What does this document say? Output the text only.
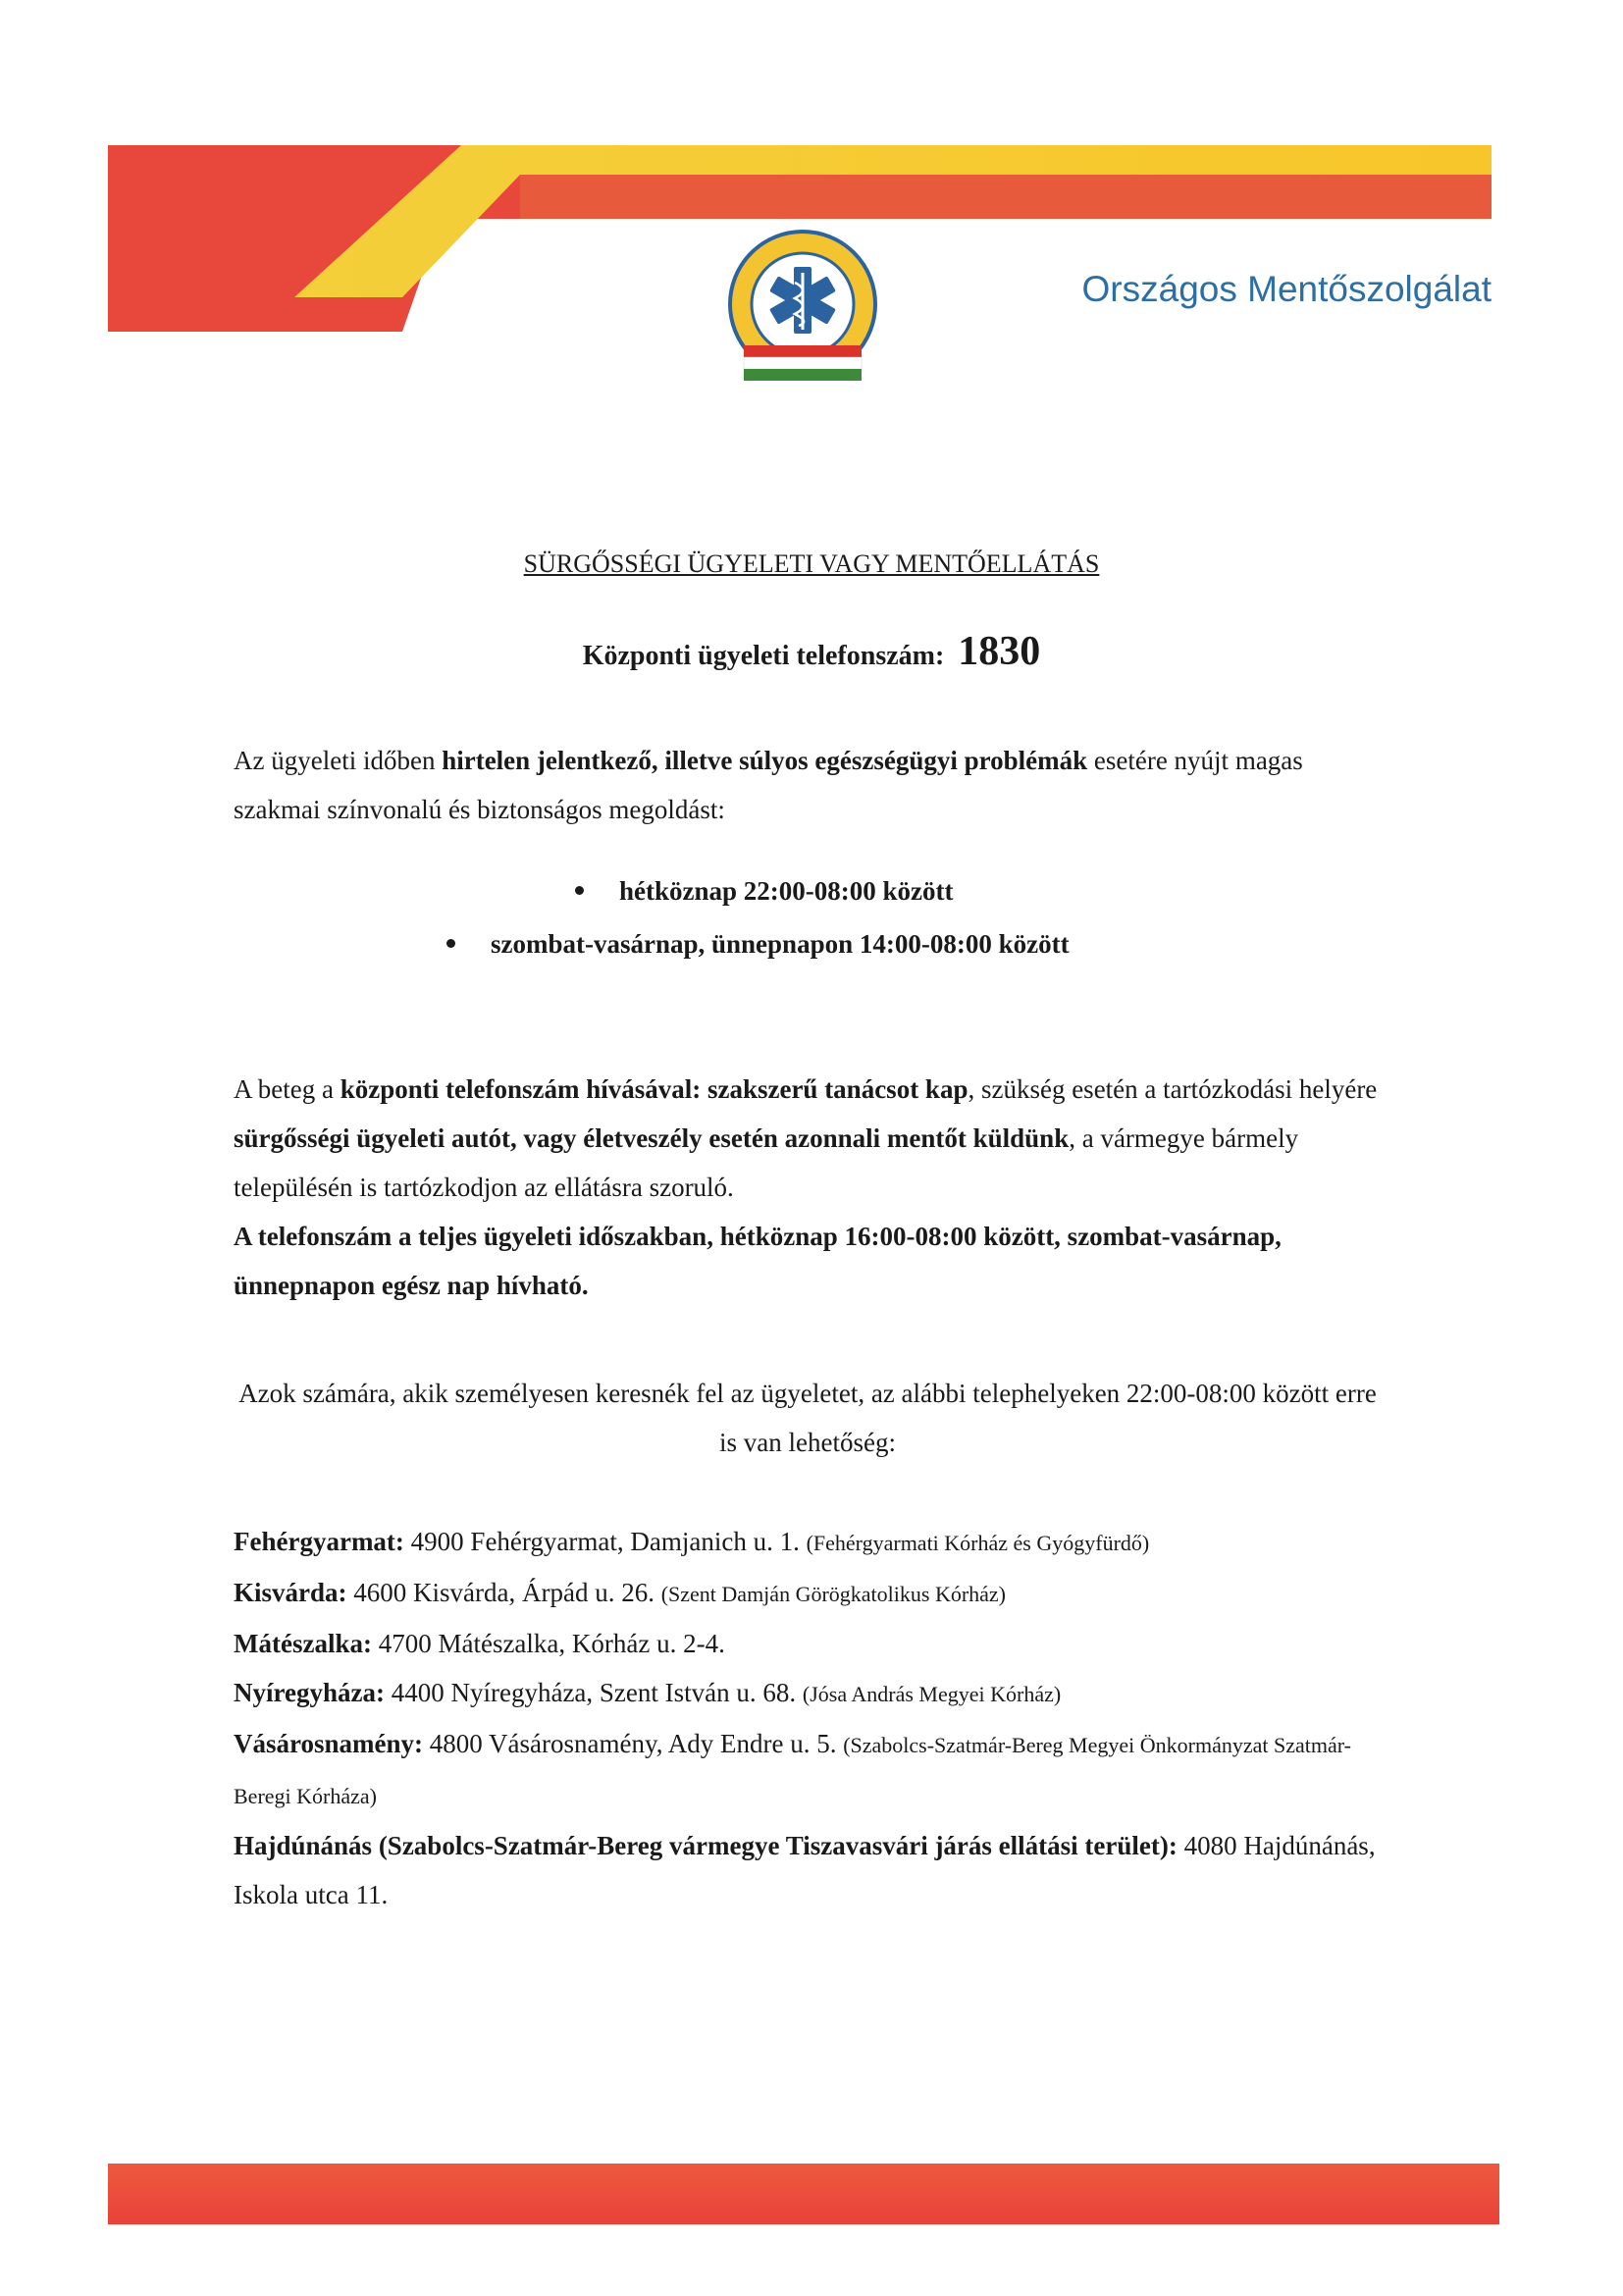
Országos Mentőszolgálat
SÜRGŐSSÉGI ÜGYELETI VAGY MENTŐELLÁTÁS
Központi ügyeleti telefonszám: 1830
Az ügyeleti időben hirtelen jelentkező, illetve súlyos egészségügyi problémák esetére nyújt magas szakmai színvonalú és biztonságos megoldást:
hétköznap 22:00-08:00 között
szombat-vasárnap, ünnepnapon 14:00-08:00 között
A beteg a központi telefonszám hívásával: szakszerű tanácsot kap, szükség esetén a tartózkodási helyére sürgősségi ügyeleti autót, vagy életveszély esetén azonnali mentőt küldünk, a vármegye bármely településén is tartózkodjon az ellátásra szoruló.
A telefonszám a teljes ügyeleti időszakban, hétköznap 16:00-08:00 között, szombat-vasárnap, ünnepnapon egész nap hívható.
Azok számára, akik személyesen keresnék fel az ügyeletet, az alábbi telephelyeken 22:00-08:00 között erre is van lehetőség:
Fehérgyarmat: 4900 Fehérgyarmat, Damjanich u. 1. (Fehérgyarmati Kórház és Gyógyfürdő)
Kisvárda: 4600 Kisvárda, Árpád u. 26. (Szent Damján Görögkatolikus Kórház)
Mátészalka: 4700 Mátészalka, Kórház u. 2-4.
Nyíregyháza: 4400 Nyíregyháza, Szent István u. 68. (Jósa András Megyei Kórház)
Vásárosnamény: 4800 Vásárosnamény, Ady Endre u. 5. (Szabolcs-Szatmár-Bereg Megyei Önkormányzat Szatmár-Beregi Kórháza)
Hajdúnánás (Szabolcs-Szatmár-Bereg vármegye Tiszavasvári járás ellátási terület): 4080 Hajdúnánás, Iskola utca 11.
